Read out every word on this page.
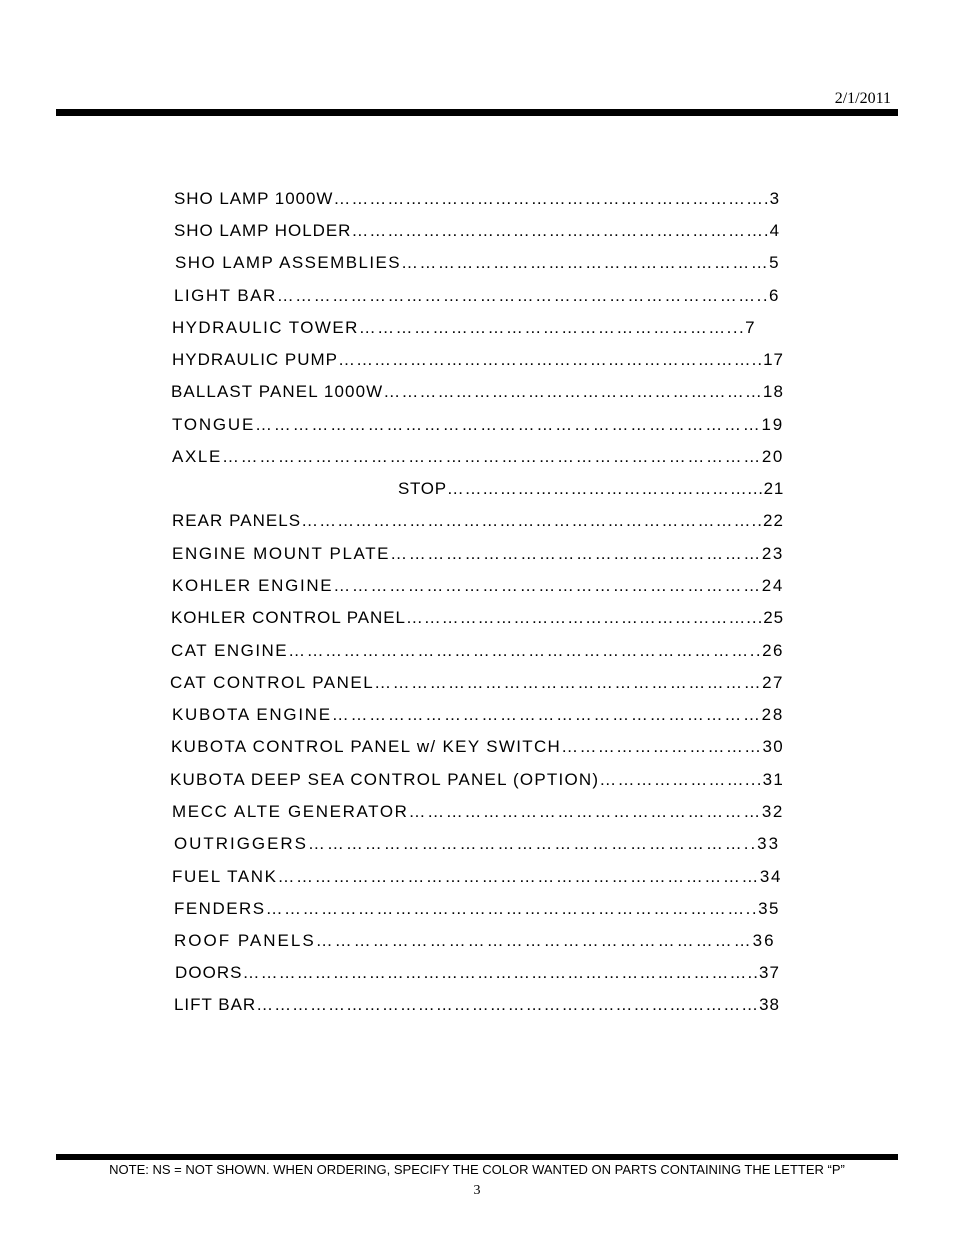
2/1/2011
SHO LAMP 1000W……………………………………………………………….3
SHO LAMP HOLDER…………………………………………………………….4
SHO LAMP ASSEMBLIES……………………………………………………5
LIGHT BAR……………………………………………………………………..6
HYDRAULIC TOWER……………………………………………………...7
HYDRAULIC PUMP……………………………………………………………..17
BALLAST PANEL 1000W………………………………………………………18
TONGUE………………………………………………………………………19
AXLE……………………………………………………………………………20
STOP……………………………………………...21
REAR PANELS…………………………………………………………………..22
ENGINE MOUNT PLATE……………………………………………………23
KOHLER ENGINE……………………………………………………………24
KOHLER CONTROL PANEL…………………………………………………...25
CAT ENGINE…………………………………………………………………..26
CAT CONTROL PANEL………………………………………………………27
KUBOTA ENGINE……………………………………………………………28
KUBOTA CONTROL PANEL w/ KEY SWITCH……………………………30
KUBOTA DEEP SEA CONTROL PANEL (OPTION)……………………...31
MECC ALTE GENERATOR…………………………………………………32
OUTRIGGERS……………………………………………………………..33
FUEL TANK……………………………………………………………………34
FENDERS……………………………………………………………………..35
ROOF PANELS……………………………………………………………36
DOORS…………………………………………………………………………..37
LIFT BAR…………………………………………………………………………38
NOTE: NS = NOT SHOWN. WHEN ORDERING, SPECIFY THE COLOR WANTED ON PARTS CONTAINING THE LETTER “P”
3
